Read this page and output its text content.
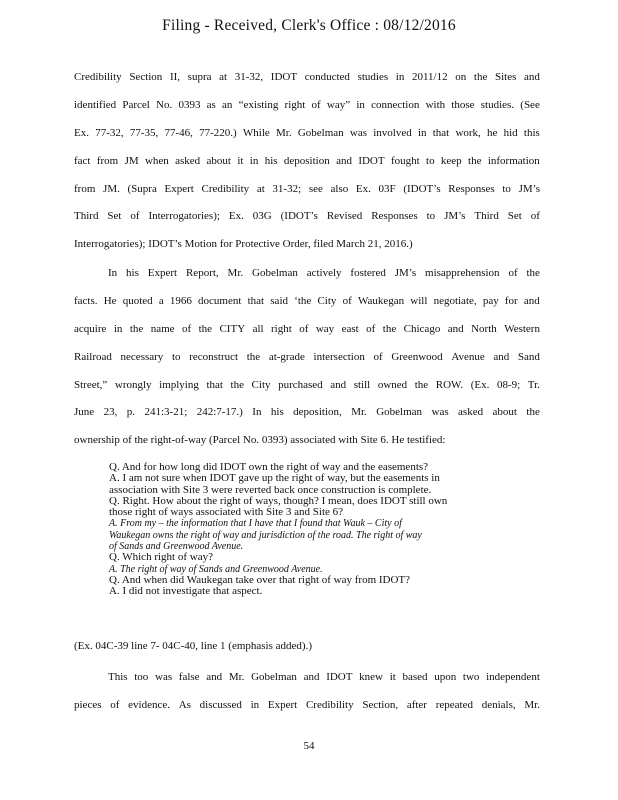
Filing - Received, Clerk's Office : 08/12/2016
Credibility Section II, supra at 31-32, IDOT conducted studies in 2011/12 on the Sites and
identified Parcel No. 0393 as an “existing right of way” in connection with those studies. (See
Ex. 77-32, 77-35, 77-46, 77-220.) While Mr. Gobelman was involved in that work, he hid this
fact from JM when asked about it in his deposition and IDOT fought to keep the information
from JM. (Supra Expert Credibility at 31-32; see also Ex. 03F (IDOT’s Responses to JM’s
Third Set of Interrogatories); Ex. 03G (IDOT’s Revised Responses to JM’s Third Set of
Interrogatories); IDOT’s Motion for Protective Order, filed March 21, 2016.)
In his Expert Report, Mr. Gobelman actively fostered JM’s misapprehension of the
facts. He quoted a 1966 document that said ‘the City of Waukegan will negotiate, pay for and
acquire in the name of the CITY all right of way east of the Chicago and North Western
Railroad necessary to reconstruct the at-grade intersection of Greenwood Avenue and Sand
Street,” wrongly implying that the City purchased and still owned the ROW. (Ex. 08-9; Tr.
June 23, p. 241:3-21; 242:7-17.) In his deposition, Mr. Gobelman was asked about the
ownership of the right-of-way (Parcel No. 0393) associated with Site 6. He testified:
Q. And for how long did IDOT own the right of way and the easements?
A. I am not sure when IDOT gave up the right of way, but the easements in
association with Site 3 were reverted back once construction is complete.
Q. Right. How about the right of ways, though? I mean, does IDOT still own
those right of ways associated with Site 3 and Site 6?
A. From my – the information that I have that I found that Wauk – City of
Waukegan owns the right of way and jurisdiction of the road. The right of way
of Sands and Greenwood Avenue.
Q. Which right of way?
A. The right of way of Sands and Greenwood Avenue.
Q. And when did Waukegan take over that right of way from IDOT?
A. I did not investigate that aspect.
(Ex. 04C-39 line 7- 04C-40, line 1 (emphasis added).)
This too was false and Mr. Gobelman and IDOT knew it based upon two independent
pieces of evidence. As discussed in Expert Credibility Section, after repeated denials, Mr.
54
